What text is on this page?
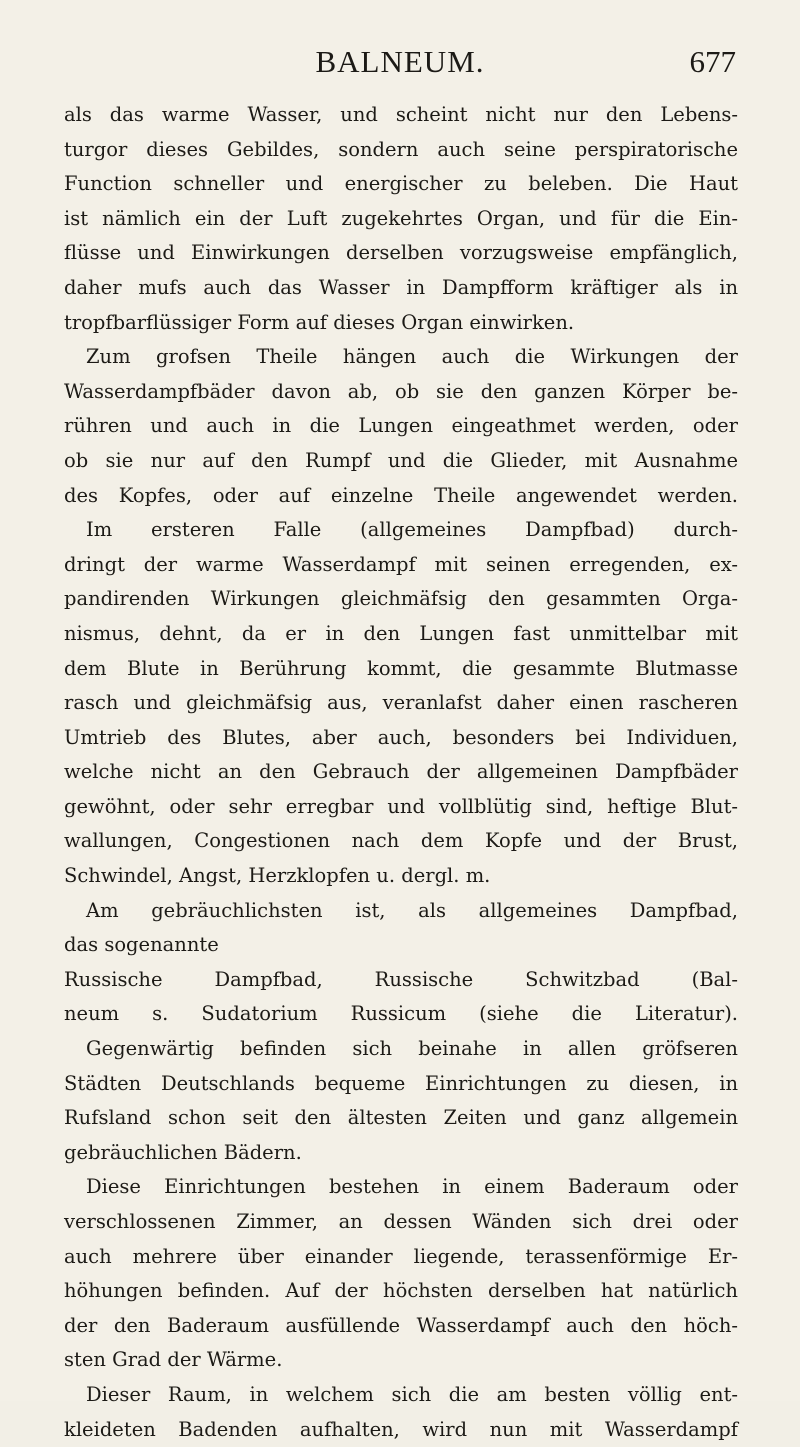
BALNEUM.	677
als das warme Wasser, und scheint nicht nur den Lebens-
turgor dieses Gebildes, sondern auch seine perspiratorische
Function schneller und energischer zu beleben. Die Haut
ist nämlich ein der Luft zugekehrtes Organ, und für die Ein-
flüsse und Einwirkungen derselben vorzugsweise empfänglich,
daher mufs auch das Wasser in Dampfform kräftiger als in
tropfbarflüssiger Form auf dieses Organ einwirken.
Zum grofsen Theile hängen auch die Wirkungen der
Wasserdampfbäder davon ab, ob sie den ganzen Körper be-
rühren und auch in die Lungen eingeathmet werden, oder
ob sie nur auf den Rumpf und die Glieder, mit Ausnahme
des Kopfes, oder auf einzelne Theile angewendet werden.
Im ersteren Falle (allgemeines Dampfbad) durch-
dringt der warme Wasserdampf mit seinen erregenden, ex-
pandirenden Wirkungen gleichmäfsig den gesammten Orga-
nismus, dehnt, da er in den Lungen fast unmittelbar mit
dem Blute in Berührung kommt, die gesammte Blutmasse
rasch und gleichmäfsig aus, veranlafst daher einen rascheren
Umtrieb des Blutes, aber auch, besonders bei Individuen,
welche nicht an den Gebrauch der allgemeinen Dampfbäder
gewöhnt, oder sehr erregbar und vollblütig sind, heftige Blut-
wallungen, Congestionen nach dem Kopfe und der Brust,
Schwindel, Angst, Herzklopfen u. dergl. m.
Am gebräuchlichsten ist, als allgemeines Dampfbad,
das sogenannte
Russische Dampfbad, Russische Schwitzbad (Bal-
neum s. Sudatorium Russicum (siehe die Literatur).
Gegenwärtig befinden sich beinahe in allen gröfseren
Städten Deutschlands bequeme Einrichtungen zu diesen, in
Rufsland schon seit den ältesten Zeiten und ganz allgemein
gebräuchlichen Bädern.
Diese Einrichtungen bestehen in einem Baderaum oder
verschlossenen Zimmer, an dessen Wänden sich drei oder
auch mehrere über einander liegende, terassenförmige Er-
höhungen befinden. Auf der höchsten derselben hat natürlich
der den Baderaum ausfüllende Wasserdampf auch den höch-
sten Grad der Wärme.
Dieser Raum, in welchem sich die am besten völlig ent-
kleideten Badenden aufhalten, wird nun mit Wasserdampf
